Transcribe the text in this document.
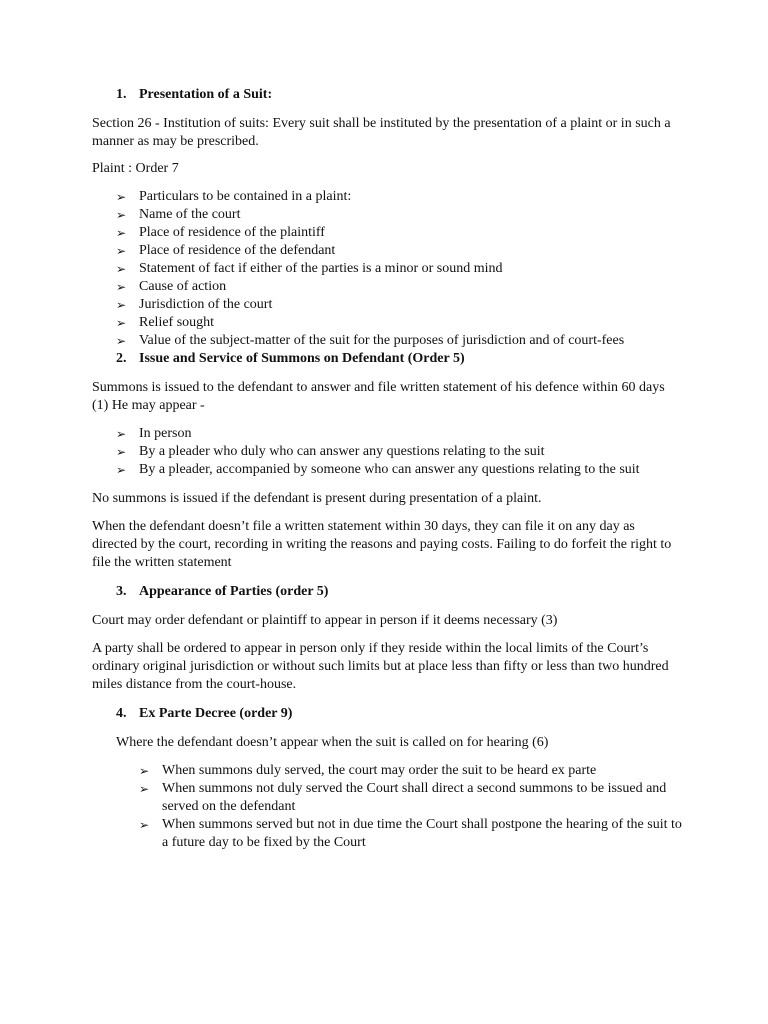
1. Presentation of a Suit:

Section 26 - Institution of suits: Every suit shall be instituted by the presentation of a plaint or in such a manner as may be prescribed.

Plaint : Order 7

➢ Particulars to be contained in a plaint:
➢ Name of the court
➢ Place of residence of the plaintiff
➢ Place of residence of the defendant
➢ Statement of fact if either of the parties is a minor or sound mind
➢ Cause of action
➢ Jurisdiction of the court
➢ Relief sought
➢ Value of the subject-matter of the suit for the purposes of jurisdiction and of court-fees
2. Issue and Service of Summons on Defendant (Order 5)

Summons is issued to the defendant to answer and file written statement of his defence within 60 days (1) He may appear -

➢ In person
➢ By a pleader who duly who can answer any questions relating to the suit
➢ By a pleader, accompanied by someone who can answer any questions relating to the suit

No summons is issued if the defendant is present during presentation of a plaint.

When the defendant doesn’t file a written statement within 30 days, they can file it on any day as directed by the court, recording in writing the reasons and paying costs. Failing to do forfeit the right to file the written statement

3. Appearance of Parties (order 5)

Court may order defendant or plaintiff to appear in person if it deems necessary (3)

A party shall be ordered to appear in person only if they reside within the local limits of the Court’s ordinary original jurisdiction or without such limits but at place less than fifty or less than two hundred miles distance from the court-house.

4. Ex Parte Decree (order 9)

Where the defendant doesn’t appear when the suit is called on for hearing (6)

➢ When summons duly served, the court may order the suit to be heard ex parte
➢ When summons not duly served the Court shall direct a second summons to be issued and served on the defendant
➢ When summons served but not in due time the Court shall postpone the hearing of the suit to a future day to be fixed by the Court
